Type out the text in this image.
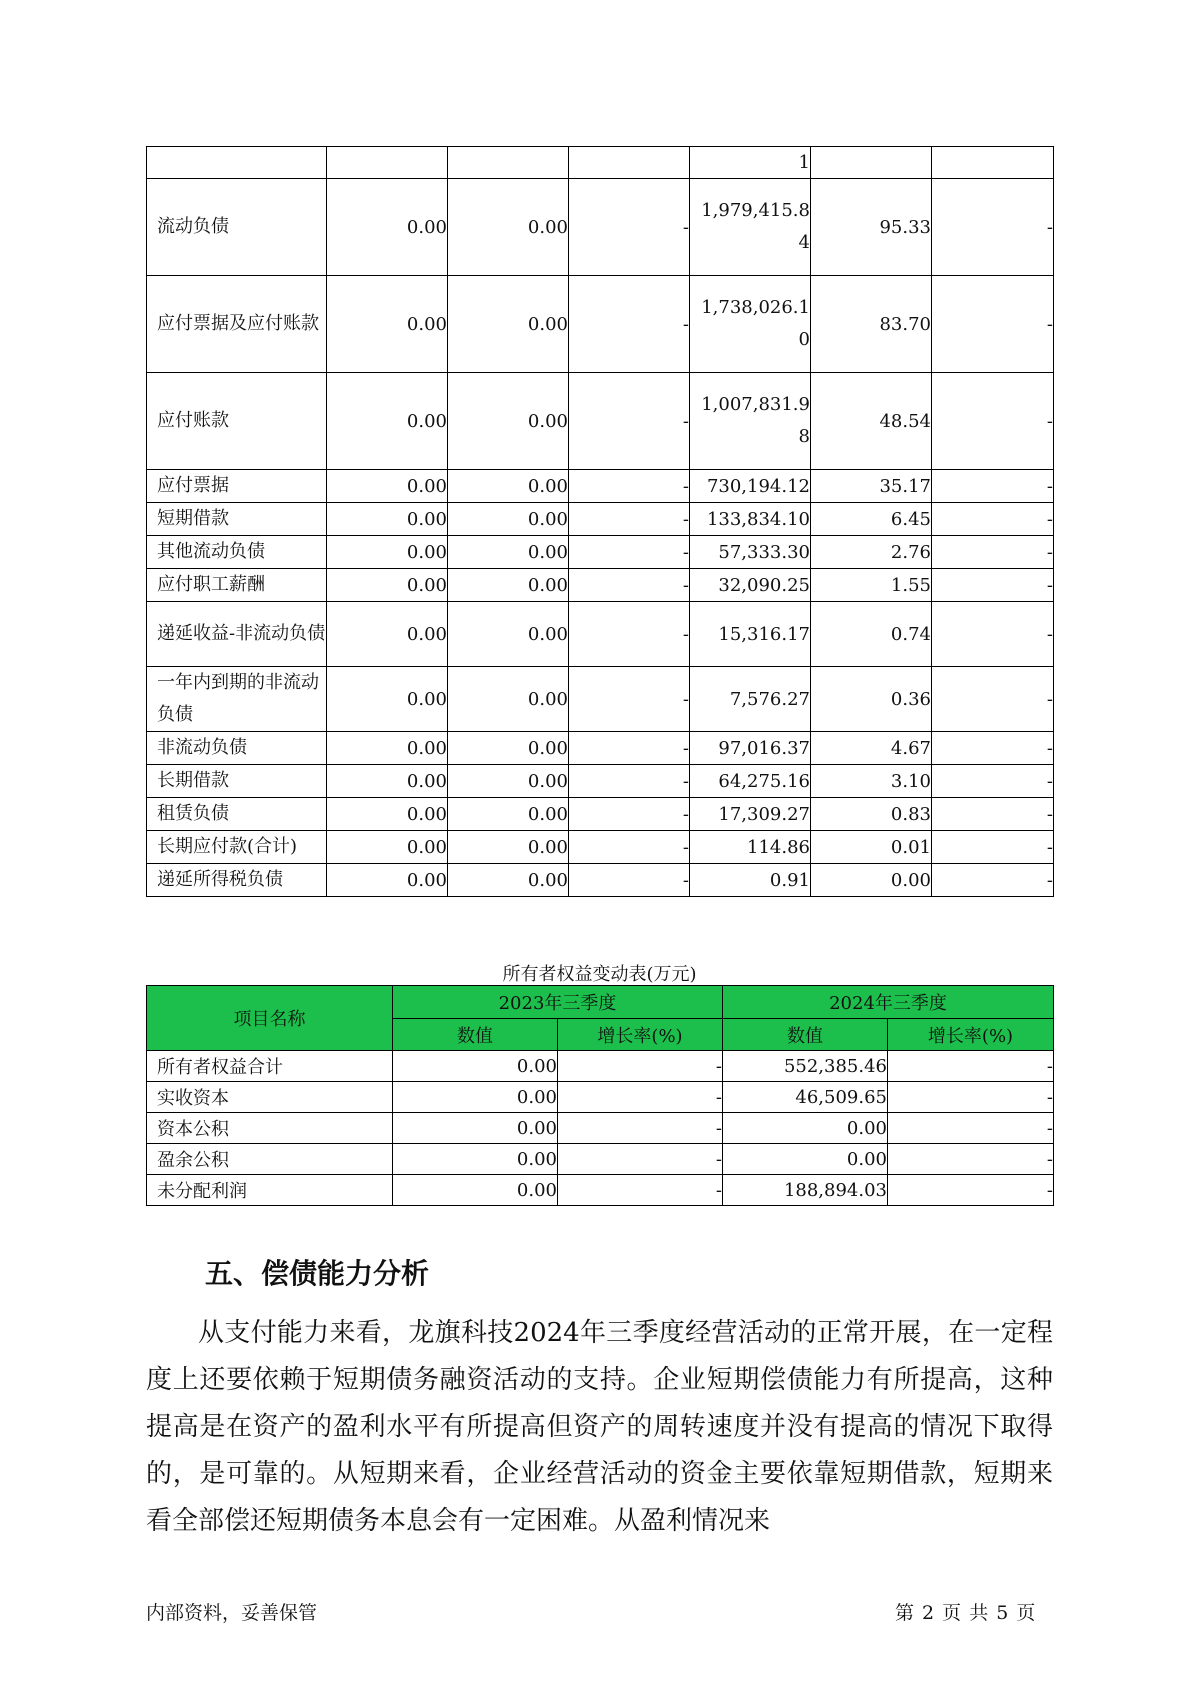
				1		
流动负债	0.00	0.00	-	1,979,415.84	95.33	-
应付票据及应付账款	0.00	0.00	-	1,738,026.10	83.70	-
应付账款	0.00	0.00	-	1,007,831.98	48.54	-
应付票据	0.00	0.00	-	730,194.12	35.17	-
短期借款	0.00	0.00	-	133,834.10	6.45	-
其他流动负债	0.00	0.00	-	57,333.30	2.76	-
应付职工薪酬	0.00	0.00	-	32,090.25	1.55	-
递延收益-非流动负债	0.00	0.00	-	15,316.17	0.74	-
一年内到期的非流动负债	0.00	0.00	-	7,576.27	0.36	-
非流动负债	0.00	0.00	-	97,016.37	4.67	-
长期借款	0.00	0.00	-	64,275.16	3.10	-
租赁负债	0.00	0.00	-	17,309.27	0.83	-
长期应付款(合计)	0.00	0.00	-	114.86	0.01	-
递延所得税负债	0.00	0.00	-	0.91	0.00	-
所有者权益变动表(万元)
项目名称	2023年三季度		2024年三季度	
	数值	增长率(%)	数值	增长率(%)
所有者权益合计	0.00	-	552,385.46	-
实收资本	0.00	-	46,509.65	-
资本公积	0.00	-	0.00	-
盈余公积	0.00	-	0.00	-
未分配利润	0.00	-	188,894.03	-
五、偿债能力分析

从支付能力来看，龙旗科技2024年三季度经营活动的正常开展，在一定程度上还要依赖于短期债务融资活动的支持。企业短期偿债能力有所提高，这种提高是在资产的盈利水平有所提高但资产的周转速度并没有提高的情况下取得的，是可靠的。从短期来看，企业经营活动的资金主要依靠短期借款，短期来看全部偿还短期债务本息会有一定困难。从盈利情况来

内部资料，妥善保管	第 2 页 共 5 页
